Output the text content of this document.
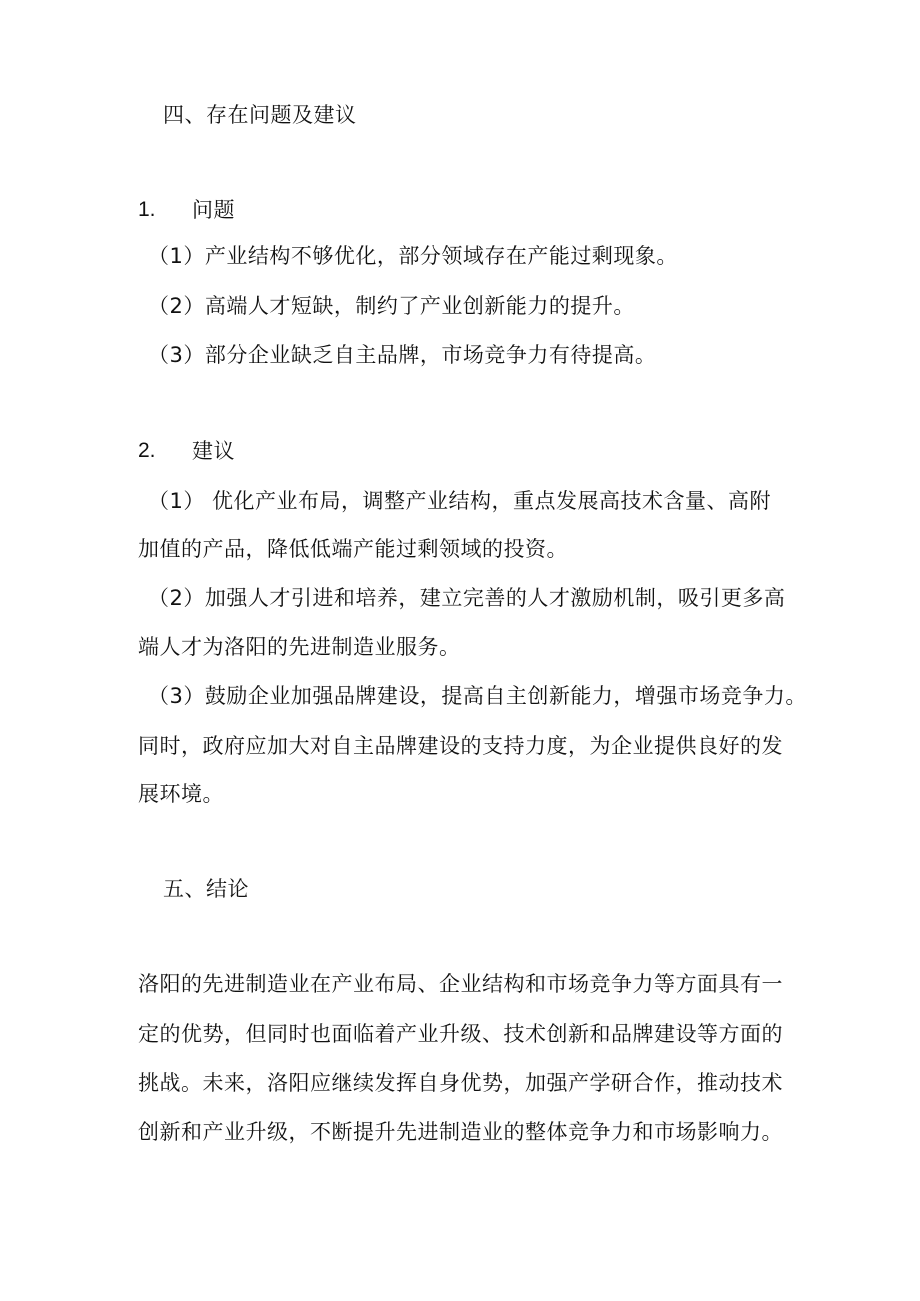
四、存在问题及建议
1. 问题
（1）产业结构不够优化，部分领域存在产能过剩现象。
（2）高端人才短缺，制约了产业创新能力的提升。
（3）部分企业缺乏自主品牌，市场竞争力有待提高。
2. 建议
（1） 优化产业布局，调整产业结构，重点发展高技术含量、高附
加值的产品，降低低端产能过剩领域的投资。
（2）加强人才引进和培养，建立完善的人才激励机制，吸引更多高
端人才为洛阳的先进制造业服务。
（3）鼓励企业加强品牌建设，提高自主创新能力，增强市场竞争力。
同时，政府应加大对自主品牌建设的支持力度，为企业提供良好的发
展环境。
五、结论
洛阳的先进制造业在产业布局、企业结构和市场竞争力等方面具有一
定的优势，但同时也面临着产业升级、技术创新和品牌建设等方面的
挑战。未来，洛阳应继续发挥自身优势，加强产学研合作，推动技术
创新和产业升级，不断提升先进制造业的整体竞争力和市场影响力。
